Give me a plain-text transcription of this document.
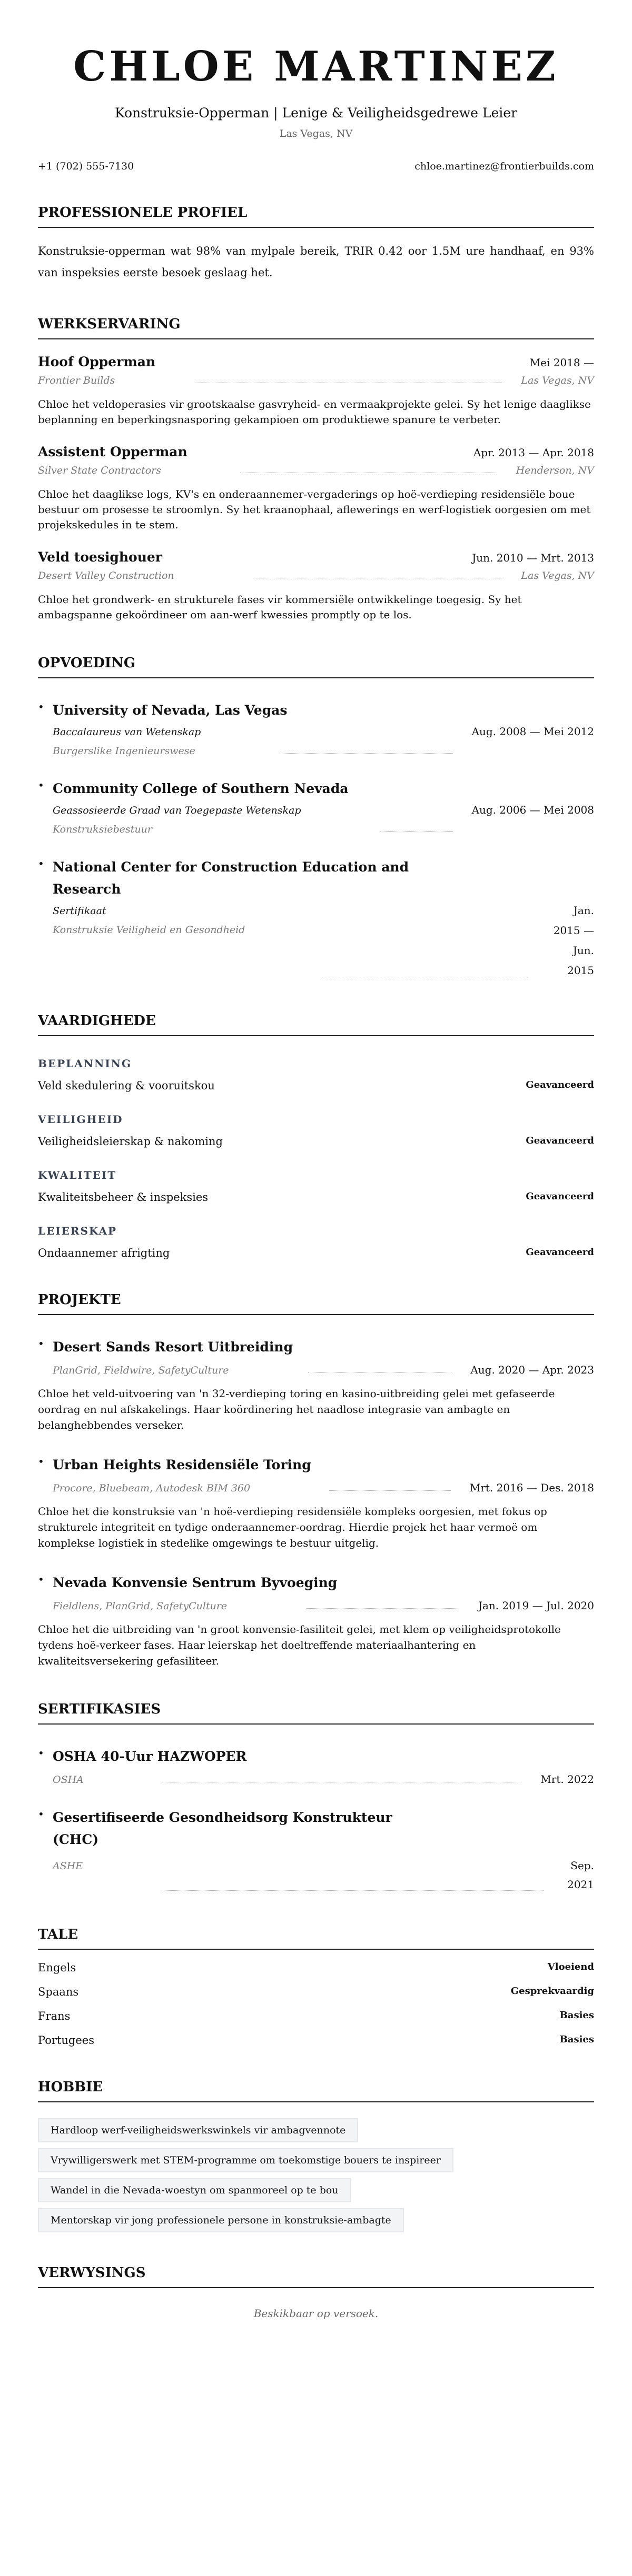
CHLOE MARTINEZ
Konstruksie-Opperman | Lenige & Veiligheidsgedrewe Leier
Las Vegas, NV
+1 (702) 555-7130	chloe.martinez@frontierbuilds.com
PROFESSIONELE PROFIEL
Konstruksie-opperman wat 98% van mylpale bereik, TRIR 0.42 oor 1.5M ure handhaaf, en 93% van inspeksies eerste besoek geslaag het.
WERKSERVARING
Hoof Opperman	Mei 2018 —
Frontier Builds	Las Vegas, NV
Chloe het veldoperasies vir grootskaalse gasvryheid- en vermaakprojekte gelei. Sy het lenige daaglikse beplanning en beperkingsnasporing gekampioen om produktiewe spanure te verbeter.
Assistent Opperman	Apr. 2013 — Apr. 2018
Silver State Contractors	Henderson, NV
Chloe het daaglikse logs, KV's en onderaannemer-vergaderings op hoë-verdieping residensiële boue bestuur om prosesse te stroomlyn. Sy het kraanophaal, aflewerings en werf-logistiek oorgesien om met projekskedules in te stem.
Veld toesighouer	Jun. 2010 — Mrt. 2013
Desert Valley Construction	Las Vegas, NV
Chloe het grondwerk- en strukturele fases vir kommersiële ontwikkelinge toegesig. Sy het ambagspanne gekoördineer om aan-werf kwessies promptly op te los.
OPVOEDING
• University of Nevada, Las Vegas
Baccalaureus van Wetenskap
Burgerslike Ingenieurswese
Aug. 2008 — Mei 2012
• Community College of Southern Nevada
Geassosieerde Graad van Toegepaste Wetenskap
Konstruksiebestuur
Aug. 2006 — Mei 2008
• National Center for Construction Education and Research
Sertifikaat
Konstruksie Veiligheid en Gesondheid
Jan. 2015 — Jun. 2015
VAARDIGHEDE
BEPLANNING
Veld skedulering & vooruitskou	Geavanceerd
VEILIGHEID
Veiligheidsleierskap & nakoming	Geavanceerd
KWALITEIT
Kwaliteitsbeheer & inspeksies	Geavanceerd
LEIERSKAP
Ondaannemer afrigting	Geavanceerd
PROJEKTE
• Desert Sands Resort Uitbreiding
PlanGrid, Fieldwire, SafetyCulture	Aug. 2020 — Apr. 2023
Chloe het veld-uitvoering van 'n 32-verdieping toring en kasino-uitbreiding gelei met gefaseerde oordrag en nul afskakelings. Haar koördinering het naadlose integrasie van ambagte en belanghebbendes verseker.
• Urban Heights Residensiële Toring
Procore, Bluebeam, Autodesk BIM 360	Mrt. 2016 — Des. 2018
Chloe het die konstruksie van 'n hoë-verdieping residensiële kompleks oorgesien, met fokus op strukturele integriteit en tydige onderaannemer-oordrag. Hierdie projek het haar vermoë om komplekse logistiek in stedelike omgewings te bestuur uitgelig.
• Nevada Konvensie Sentrum Byvoeging
Fieldlens, PlanGrid, SafetyCulture	Jan. 2019 — Jul. 2020
Chloe het die uitbreiding van 'n groot konvensie-fasiliteit gelei, met klem op veiligheidsprotokolle tydens hoë-verkeer fases. Haar leierskap het doeltreffende materiaalhantering en kwaliteitsversekering gefasiliteer.
SERTIFIKASIES
• OSHA 40-Uur HAZWOPER
OSHA	Mrt. 2022
• Gesertifiseerde Gesondheidsorg Konstrukteur (CHC)
ASHE	Sep. 2021
TALE
Engels	Vloeiend
Spaans	Gesprekvaardig
Frans	Basies
Portugees	Basies
HOBBIE
Hardloop werf-veiligheidswerkswinkels vir ambagvennote
Vrywilligerswerk met STEM-programme om toekomstige bouers te inspireer
Wandel in die Nevada-woestyn om spanmoreel op te bou
Mentorskap vir jong professionele persone in konstruksie-ambagte
VERWYSINGS
Beskikbaar op versoek.
